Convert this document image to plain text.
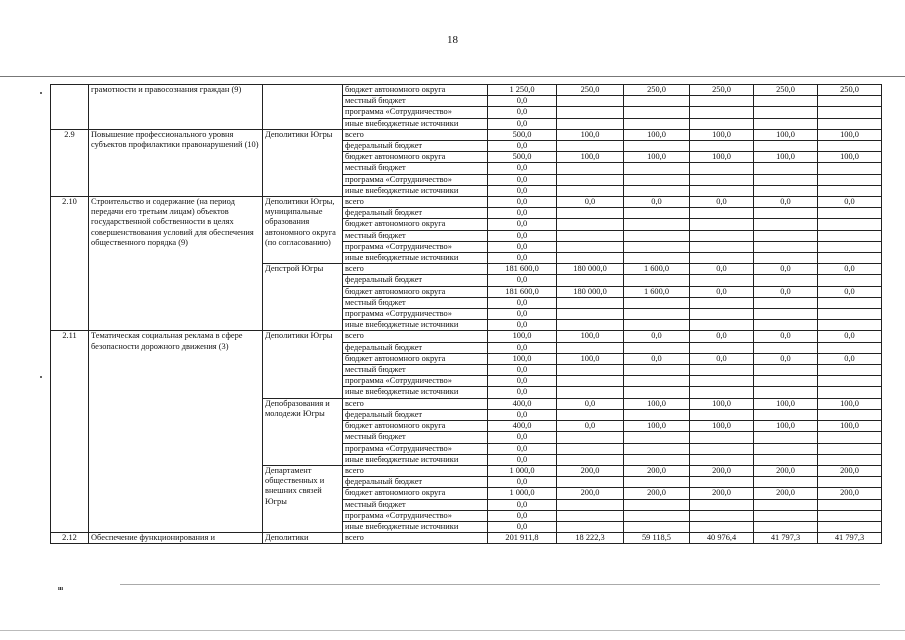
18
	грамотности и правосознания граждан (9)		бюджет автономного округа	1 250,0	250,0	250,0	250,0	250,0	250,0
			местный бюджет	0,0					
			программа «Сотрудничество»	0,0					
			иные внебюджетные источники	0,0					
2.9	Повышение профессионального уровня субъектов профилактики правонарушений (10)	Деполитики Югры	всего	500,0	100,0	100,0	100,0	100,0	100,0
			федеральный бюджет	0,0					
			бюджет автономного округа	500,0	100,0	100,0	100,0	100,0	100,0
			местный бюджет	0,0					
			программа «Сотрудничество»	0,0					
			иные внебюджетные источники	0,0					
2.10	Строительство и содержание (на период передачи его третьим лицам) объектов государственной собственности в целях совершенствования условий для обеспечения общественного порядка (9)	Деполитики Югры, муниципальные образования автономного округа (по согласованию)	всего	0,0	0,0	0,0	0,0	0,0	0,0
			федеральный бюджет	0,0					
			бюджет автономного округа	0,0					
			местный бюджет	0,0					
			программа «Сотрудничество»	0,0					
			иные внебюджетные источники	0,0					
		Депстрой Югры	всего	181 600,0	180 000,0	1 600,0	0,0	0,0	0,0
			федеральный бюджет	0,0					
			бюджет автономного округа	181 600,0	180 000,0	1 600,0	0,0	0,0	0,0
			местный бюджет	0,0					
			программа «Сотрудничество»	0,0					
			иные внебюджетные источники	0,0					
2.11	Тематическая социальная реклама в сфере безопасности дорожного движения (3)	Деполитики Югры	всего	100,0	100,0	0,0	0,0	0,0	0,0
			федеральный бюджет	0,0					
			бюджет автономного округа	100,0	100,0	0,0	0,0	0,0	0,0
			местный бюджет	0,0					
			программа «Сотрудничество»	0,0					
			иные внебюджетные источники	0,0					
		Депобразования и молодежи Югры	всего	400,0	0,0	100,0	100,0	100,0	100,0
			федеральный бюджет	0,0					
			бюджет автономного округа	400,0	0,0	100,0	100,0	100,0	100,0
			местный бюджет	0,0					
			программа «Сотрудничество»	0,0					
			иные внебюджетные источники	0,0					
		Департамент общественных и внешних связей Югры	всего	1 000,0	200,0	200,0	200,0	200,0	200,0
			федеральный бюджет	0,0					
			бюджет автономного округа	1 000,0	200,0	200,0	200,0	200,0	200,0
			местный бюджет	0,0					
			программа «Сотрудничество»	0,0					
			иные внебюджетные источники	0,0					
2.12	Обеспечение функционирования и	Деполитики	всего	201 911,8	18 222,3	59 118,5	40 976,4	41 797,3	41 797,3
ııı
